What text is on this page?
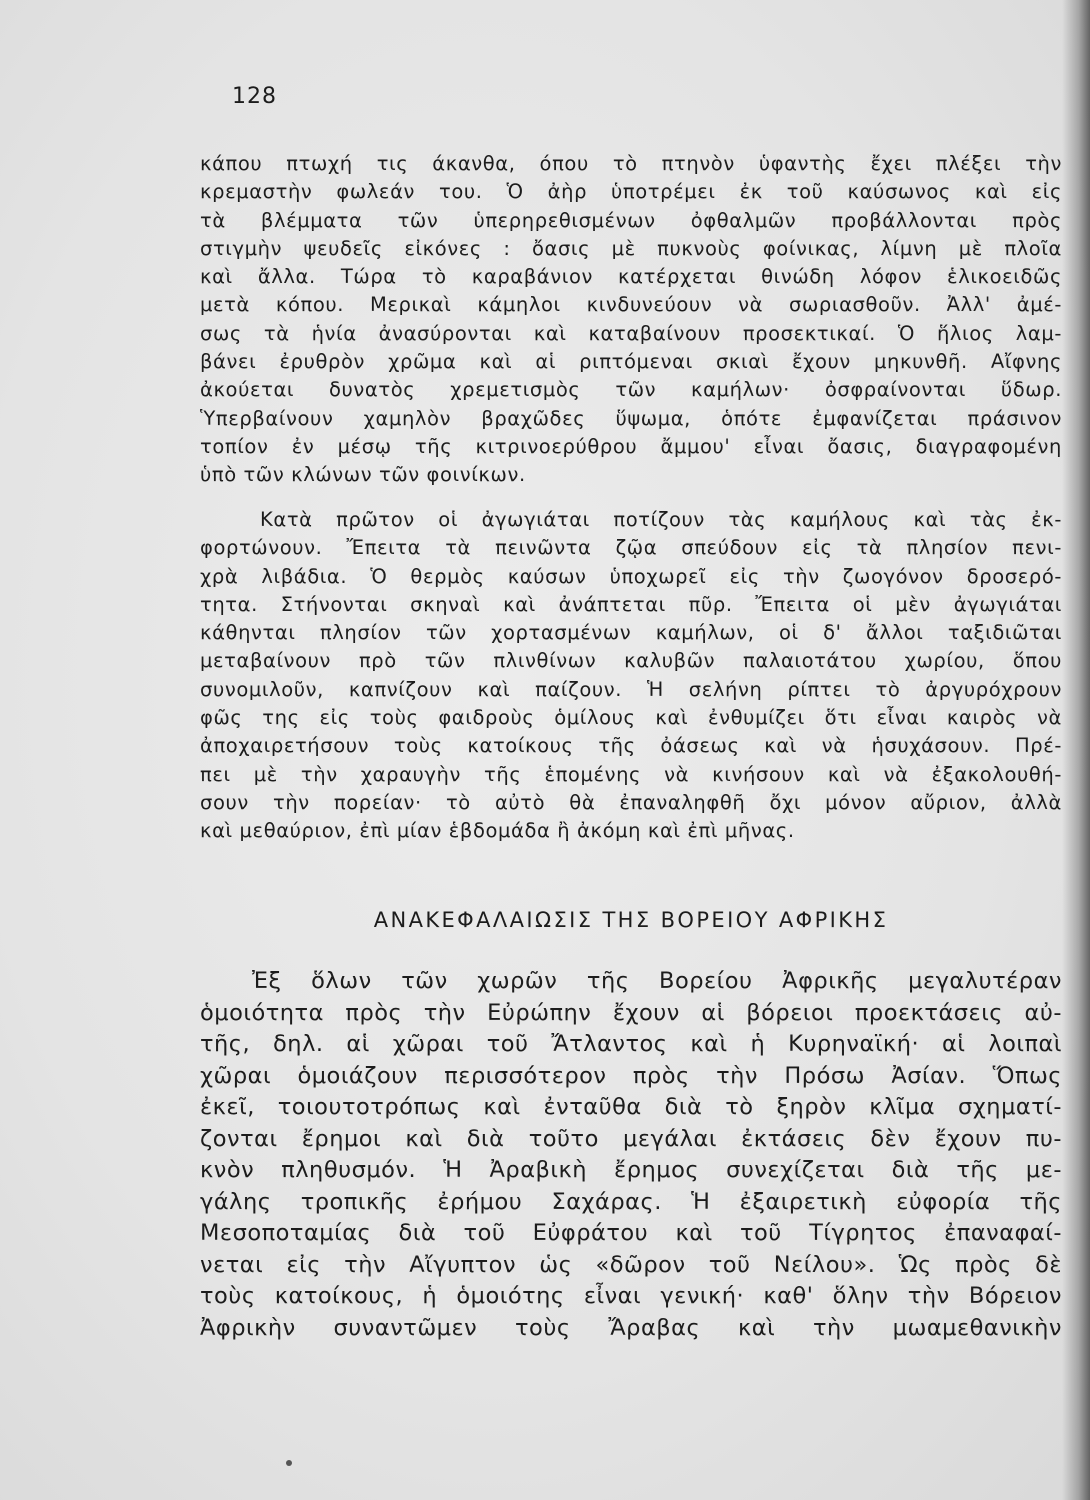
128
κάπου πτωχή τις άκανθα, όπου τὸ πτηνὸν ὑφαντὴς ἔχει πλέξει τὴν
κρεμαστὴν φωλεάν του. Ὁ ἀὴρ ὑποτρέμει ἐκ τοῦ καύσωνος καὶ εἰς
τὰ βλέμματα τῶν ὑπερηρεθισμένων ὀφθαλμῶν προβάλλονται πρὸς
στιγμὴν ψευδεῖς εἰκόνες : ὄασις μὲ πυκνοὺς φοίνικας, λίμνη μὲ πλοῖα
καὶ ἄλλα. Τώρα τὸ καραβάνιον κατέρχεται θινώδη λόφον ἑλικοειδῶς
μετὰ κόπου. Μερικαὶ κάμηλοι κινδυνεύουν νὰ σωριασθοῦν. Ἀλλ' ἀμέ-
σως τὰ ἡνία ἀνασύρονται καὶ καταβαίνουν προσεκτικαί. Ὁ ἥλιος λαμ-
βάνει ἐρυθρὸν χρῶμα καὶ αἱ ριπτόμεναι σκιαὶ ἔχουν μηκυνθῆ. Αἴφνης
ἀκούεται δυνατὸς χρεμετισμὸς τῶν καμήλων· ὀσφραίνονται ὕδωρ.
Ὑπερβαίνουν χαμηλὸν βραχῶδες ὕψωμα, ὁπότε ἐμφανίζεται πράσινον
τοπίον ἐν μέσῳ τῆς κιτρινοερύθρου ἄμμου' εἶναι ὄασις, διαγραφομένη
ὑπὸ τῶν κλώνων τῶν φοινίκων.
Κατὰ πρῶτον οἱ ἀγωγιάται ποτίζουν τὰς καμήλους καὶ τὰς ἐκ-
φορτώνουν. Ἔπειτα τὰ πεινῶντα ζῷα σπεύδουν εἰς τὰ πλησίον πενι-
χρὰ λιβάδια. Ὁ θερμὸς καύσων ὑποχωρεῖ εἰς τὴν ζωογόνον δροσερό-
τητα. Στήνονται σκηναὶ καὶ ἀνάπτεται πῦρ. Ἔπειτα οἱ μὲν ἀγωγιάται
κάθηνται πλησίον τῶν χορτασμένων καμήλων, οἱ δ' ἄλλοι ταξιδιῶται
μεταβαίνουν πρὸ τῶν πλινθίνων καλυβῶν παλαιοτάτου χωρίου, ὅπου
συνομιλοῦν, καπνίζουν καὶ παίζουν. Ἡ σελήνη ρίπτει τὸ ἀργυρόχρουν
φῶς της εἰς τοὺς φαιδροὺς ὁμίλους καὶ ἐνθυμίζει ὅτι εἶναι καιρὸς νὰ
ἀποχαιρετήσουν τοὺς κατοίκους τῆς ὀάσεως καὶ νὰ ἡσυχάσουν. Πρέ-
πει μὲ τὴν χαραυγὴν τῆς ἑπομένης νὰ κινήσουν καὶ νὰ ἐξακολουθή-
σουν τὴν πορείαν· τὸ αὐτὸ θὰ ἐπαναληφθῆ ὄχι μόνον αὔριον, ἀλλὰ
καὶ μεθαύριον, ἐπὶ μίαν ἑβδομάδα ἢ ἀκόμη καὶ ἐπὶ μῆνας.
ΑΝΑΚΕΦΑΛΑΙΩΣΙΣ ΤΗΣ ΒΟΡΕΙΟΥ ΑΦΡΙΚΗΣ
Ἐξ ὅλων τῶν χωρῶν τῆς Βορείου Ἀφρικῆς μεγαλυτέραν
ὁμοιότητα πρὸς τὴν Εὐρώπην ἔχουν αἱ βόρειοι προεκτάσεις αὐ-
τῆς, δηλ. αἱ χῶραι τοῦ Ἄτλαντος καὶ ἡ Κυρηναϊκή· αἱ λοιπαὶ
χῶραι ὁμοιάζουν περισσότερον πρὸς τὴν Πρόσω Ἀσίαν. Ὅπως
ἐκεῖ, τοιουτοτρόπως καὶ ἐνταῦθα διὰ τὸ ξηρὸν κλῖμα σχηματί-
ζονται ἔρημοι καὶ διὰ τοῦτο μεγάλαι ἐκτάσεις δὲν ἔχουν πυ-
κνὸν πληθυσμόν. Ἡ Ἀραβικὴ ἔρημος συνεχίζεται διὰ τῆς με-
γάλης τροπικῆς ἐρήμου Σαχάρας. Ἡ ἐξαιρετικὴ εὐφορία τῆς
Μεσοποταμίας διὰ τοῦ Εὐφράτου καὶ τοῦ Τίγρητος ἐπαναφαί-
νεται εἰς τὴν Αἴγυπτον ὡς «δῶρον τοῦ Νείλου». Ὡς πρὸς δὲ
τοὺς κατοίκους, ἡ ὁμοιότης εἶναι γενική· καθ' ὅλην τὴν Βόρειον
Ἀφρικὴν συναντῶμεν τοὺς Ἄραβας καὶ τὴν μωαμεθανικὴν
